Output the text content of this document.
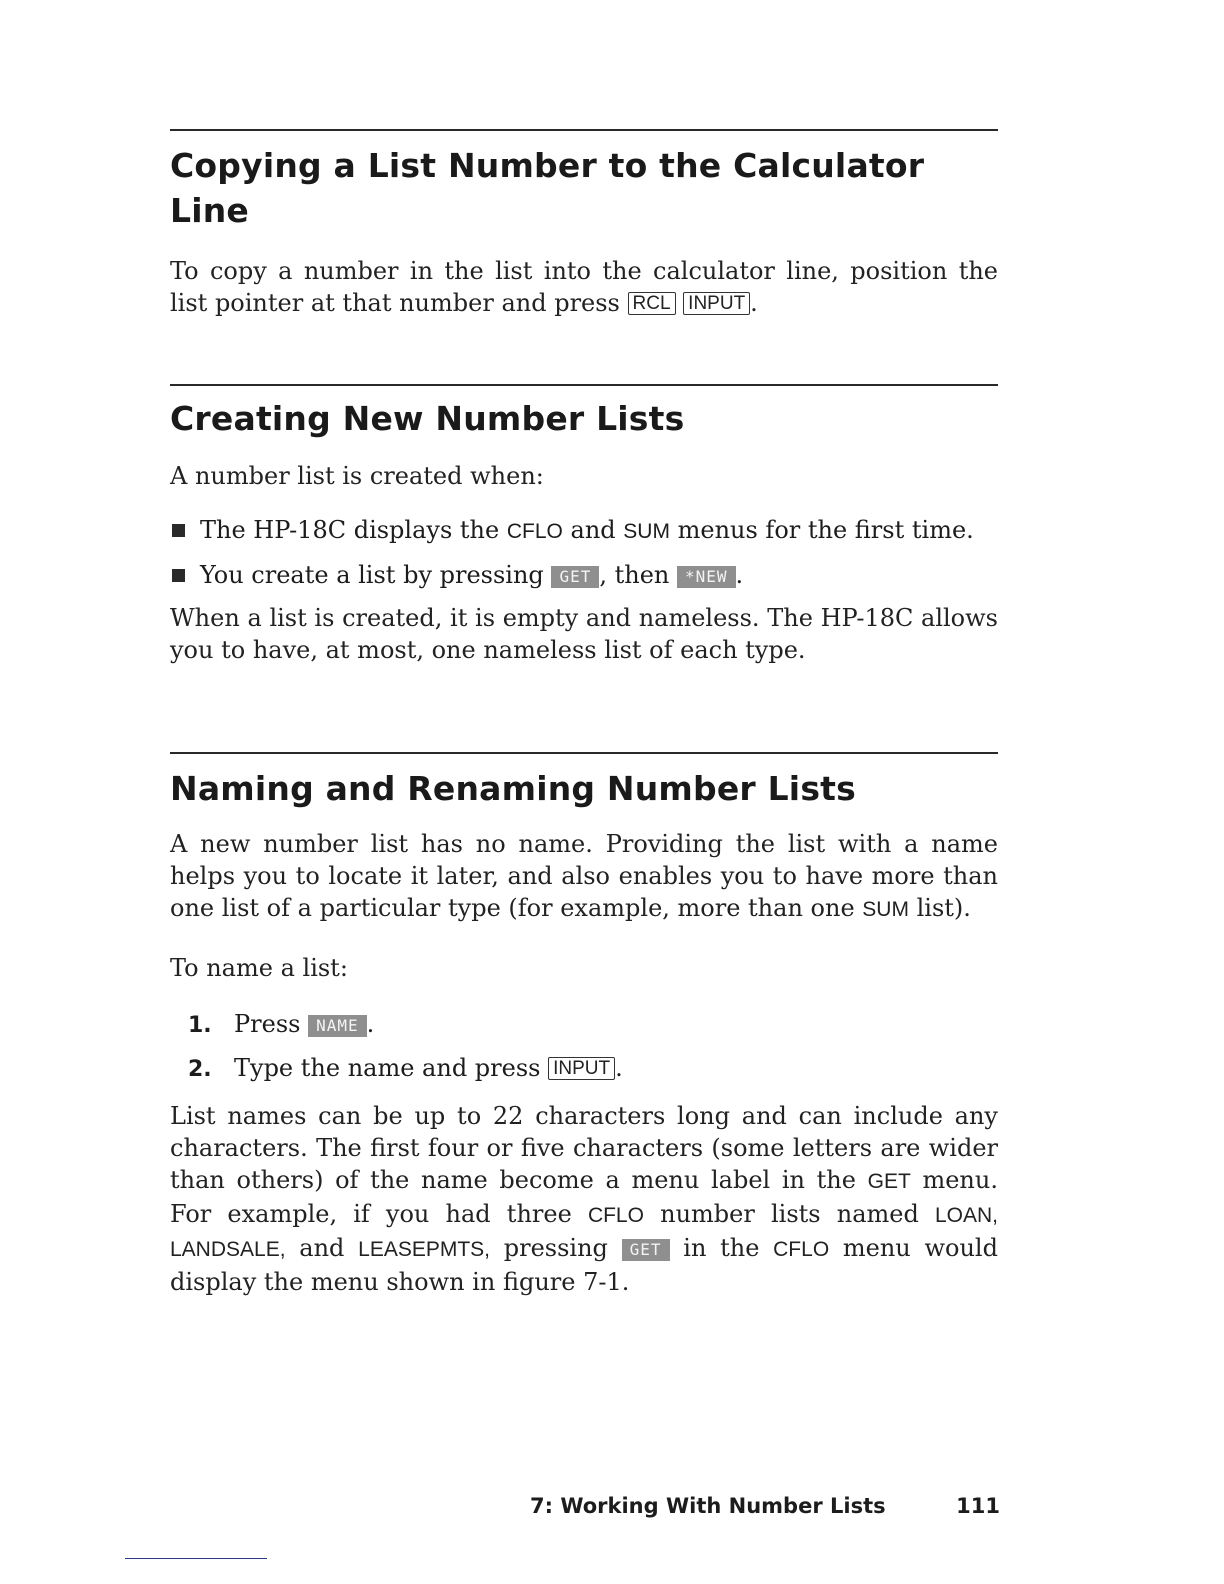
Copying a List Number to the Calculator Line

To copy a number in the list into the calculator line, position the list pointer at that number and press RCL INPUT .

Creating New Number Lists

A number list is created when:

The HP-18C displays the CFLO and SUM menus for the first time.
You create a list by pressing GET , then *NEW .

When a list is created, it is empty and nameless. The HP-18C allows you to have, at most, one nameless list of each type.

Naming and Renaming Number Lists

A new number list has no name. Providing the list with a name helps you to locate it later, and also enables you to have more than one list of a particular type (for example, more than one SUM list).

To name a list:

1. Press NAME .
2. Type the name and press INPUT .

List names can be up to 22 characters long and can include any characters. The first four or five characters (some letters are wider than others) of the name become a menu label in the GET menu. For example, if you had three CFLO number lists named LOAN, LANDSALE, and LEASEPMTS, pressing GET in the CFLO menu would display the menu shown in figure 7-1.

7: Working With Number Lists	111
